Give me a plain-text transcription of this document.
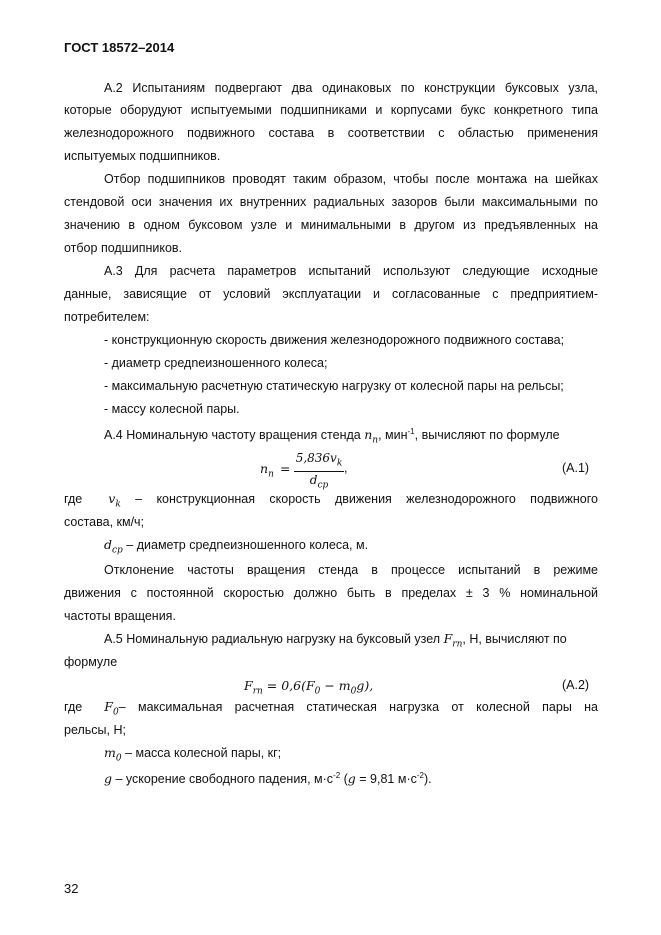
ГОСТ 18572–2014
А.2 Испытаниям подвергают два одинаковых по конструкции буксовых узла,
которые оборудуют испытуемыми подшипниками и корпусами букс конкретного типа
железнодорожного подвижного состава в соответствии с областью применения
испытуемых подшипников.
Отбор подшипников проводят таким образом, чтобы после монтажа на шейках
стендовой оси значения их внутренних радиальных зазоров были максимальными по
значению в одном буксовом узле и минимальными в другом из предъявленных на
отбор подшипников.
А.3 Для расчета параметров испытаний используют следующие исходные
данные, зависящие от условий эксплуатации и согласованные с предприятием-
потребителем:
- конструкционную скорость движения железнодорожного подвижного состава;
- диаметр средneизношенного колеса;
- максимальную расчетную статическую нагрузку от колесной пары на рельсы;
- массу колесной пары.
А.4 Номинальную частоту вращения стенда $n_п$, мин$^{-1}$, вычисляют по формуле
$n_п$ =
$5,836v_k$
$d_{ср}$
,	(А.1)
где $v_k$ – конструкционная скорость движения железнодорожного подвижного
состава, км/ч;
$d_{ср}$ – диаметр средneизношенного колеса, м.
Отклонение частоты вращения стенда в процессе испытаний в режиме
движения с постоянной скоростью должно быть в пределах ± 3 % номинальной
частоты вращения.
А.5 Номинальную радиальную нагрузку на буксовый узел $F_{rn}$, Н, вычисляют по
формуле
$F_{rn} = 0,6(F_0 - m_0g)$,	(А.2)
где $F_0-$ максимальная расчетная статическая нагрузка от колесной пары на
рельсы, Н;
$m_0$ – масса колесной пары, кг;
g – ускорение свободного падения, $м\cdot с^{-2}$ (g = 9,81 $м\cdot с^{-2}$).
32
